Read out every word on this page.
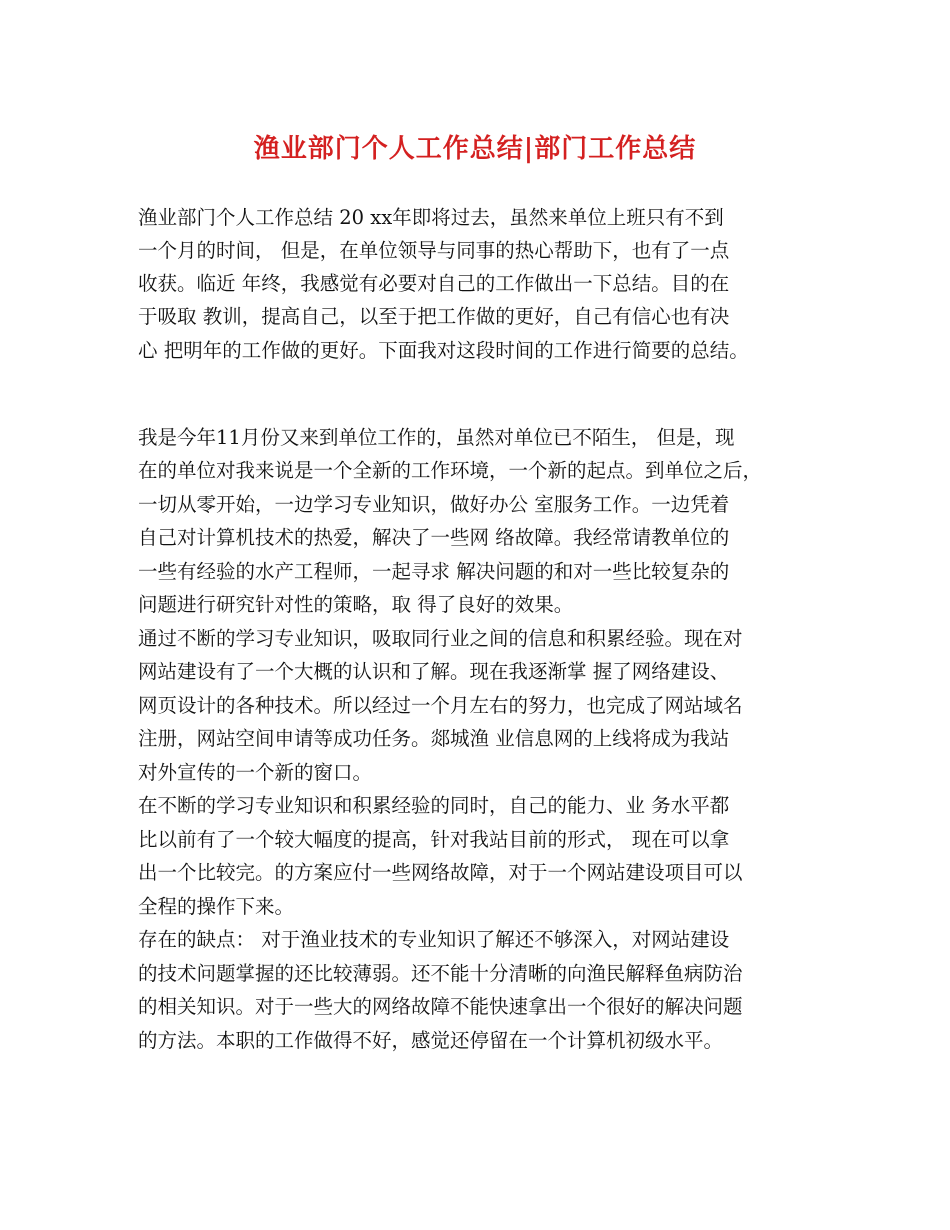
渔业部门个人工作总结|部门工作总结
渔业部门个人工作总结 20 xx年即将过去，虽然来单位上班只有不到
一个月的时间， 但是，在单位领导与同事的热心帮助下，也有了一点
收获。临近 年终，我感觉有必要对自己的工作做出一下总结。目的在
于吸取 教训，提高自己，以至于把工作做的更好，自己有信心也有决
心 把明年的工作做的更好。下面我对这段时间的工作进行简要的总结。
我是今年11月份又来到单位工作的，虽然对单位已不陌生， 但是，现
在的单位对我来说是一个全新的工作环境，一个新的起点。到单位之后，
一切从零开始，一边学习专业知识，做好办公 室服务工作。一边凭着
自己对计算机技术的热爱，解决了一些网 络故障。我经常请教单位的
一些有经验的水产工程师，一起寻求 解决问题的和对一些比较复杂的
问题进行研究针对性的策略，取 得了良好的效果。
通过不断的学习专业知识，吸取同行业之间的信息和积累经验。现在对
网站建设有了一个大概的认识和了解。现在我逐渐掌 握了网络建设、
网页设计的各种技术。所以经过一个月左右的努力，也完成了网站域名
注册，网站空间申请等成功任务。郯城渔 业信息网的上线将成为我站
对外宣传的一个新的窗口。
在不断的学习专业知识和积累经验的同时，自己的能力、业 务水平都
比以前有了一个较大幅度的提高，针对我站目前的形式， 现在可以拿
出一个比较完。的方案应付一些网络故障，对于一个网站建设项目可以
全程的操作下来。
存在的缺点： 对于渔业技术的专业知识了解还不够深入，对网站建设
的技术问题掌握的还比较薄弱。还不能十分清晰的向渔民解释鱼病防治
的相关知识。对于一些大的网络故障不能快速拿出一个很好的解决问题
的方法。本职的工作做得不好，感觉还停留在一个计算机初级水平。
